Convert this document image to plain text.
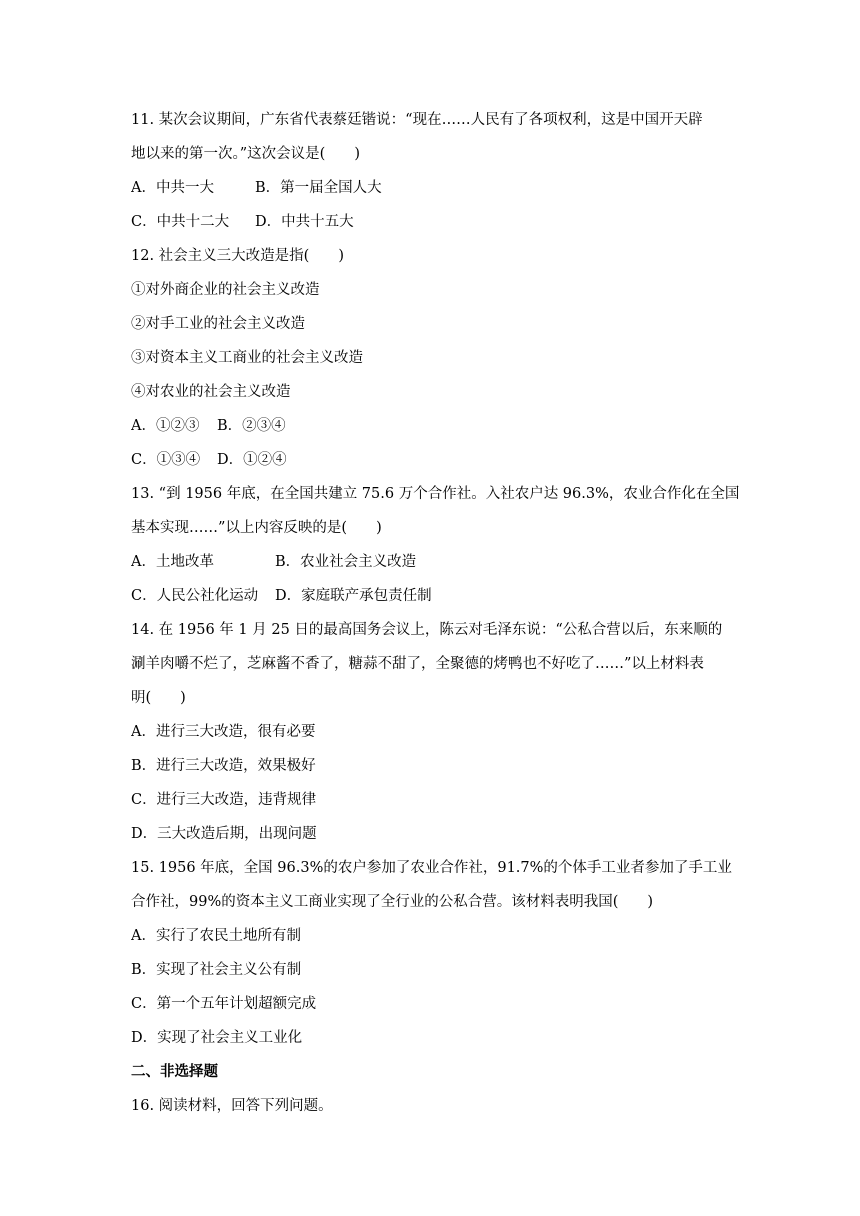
11. 某次会议期间，广东省代表蔡廷锴说：“现在……人民有了各项权利，这是中国开天辟
地以来的第一次。”这次会议是(　　)
A．中共一大	B．第一届全国人大
C．中共十二大 D．中共十五大
12. 社会主义三大改造是指(　　)
①对外商企业的社会主义改造
②对手工业的社会主义改造
③对资本主义工商业的社会主义改造
④对农业的社会主义改造
A．①②③ B．②③④
C．①③④ D．①②④
13. “到 1956 年底，在全国共建立 75.6 万个合作社。入社农户达 96.3%，农业合作化在全国
基本实现……”以上内容反映的是(　　)
A．土地改革	B．农业社会主义改造
C．人民公社化运动 D．家庭联产承包责任制
14. 在 1956 年 1 月 25 日的最高国务会议上，陈云对毛泽东说：“公私合营以后，东来顺的
涮羊肉嚼不烂了，芝麻酱不香了，糖蒜不甜了，全聚德的烤鸭也不好吃了……”以上材料表
明(　　)
A．进行三大改造，很有必要
B．进行三大改造，效果极好
C．进行三大改造，违背规律
D．三大改造后期，出现问题
15. 1956 年底，全国 96.3%的农户参加了农业合作社，91.7%的个体手工业者参加了手工业
合作社，99%的资本主义工商业实现了全行业的公私合营。该材料表明我国(　　)
A．实行了农民土地所有制
B．实现了社会主义公有制
C．第一个五年计划超额完成
D．实现了社会主义工业化
二、非选择题
16. 阅读材料，回答下列问题。
